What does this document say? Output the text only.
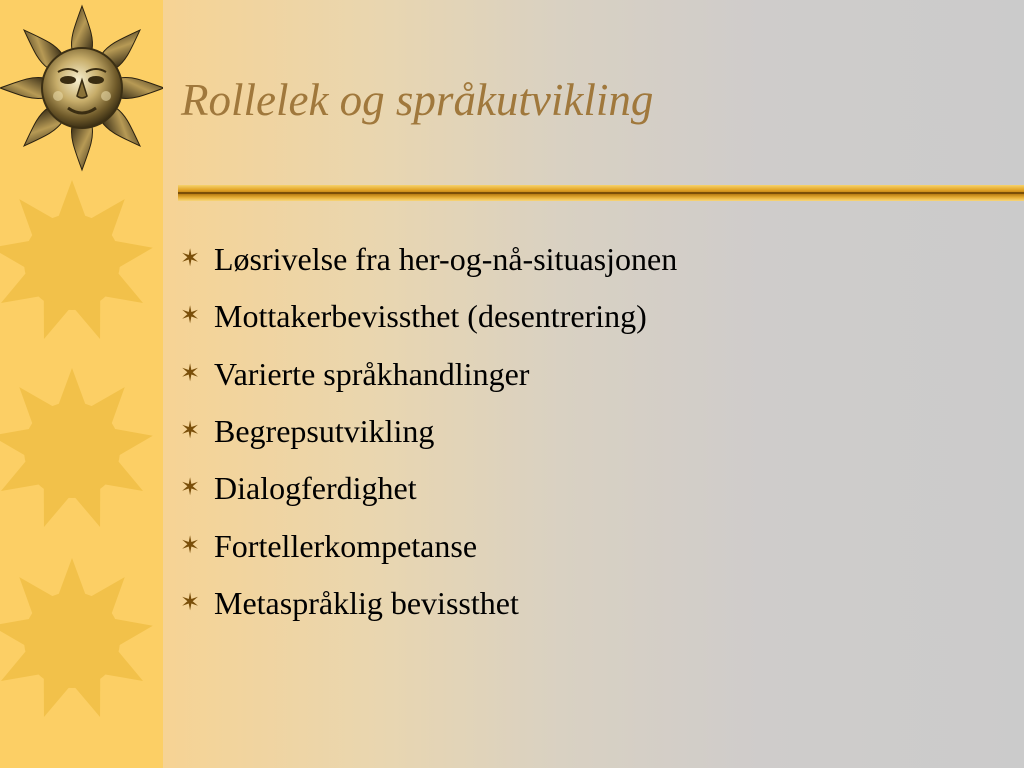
Rollelek og språkutvikling
✶ Løsrivelse fra her-og-nå-situasjonen
✶ Mottakerbevissthet (desentrering)
✶ Varierte språkhandlinger
✶ Begrepsutvikling
✶ Dialogferdighet
✶ Fortellerkompetanse
✶ Metaspråklig bevissthet
